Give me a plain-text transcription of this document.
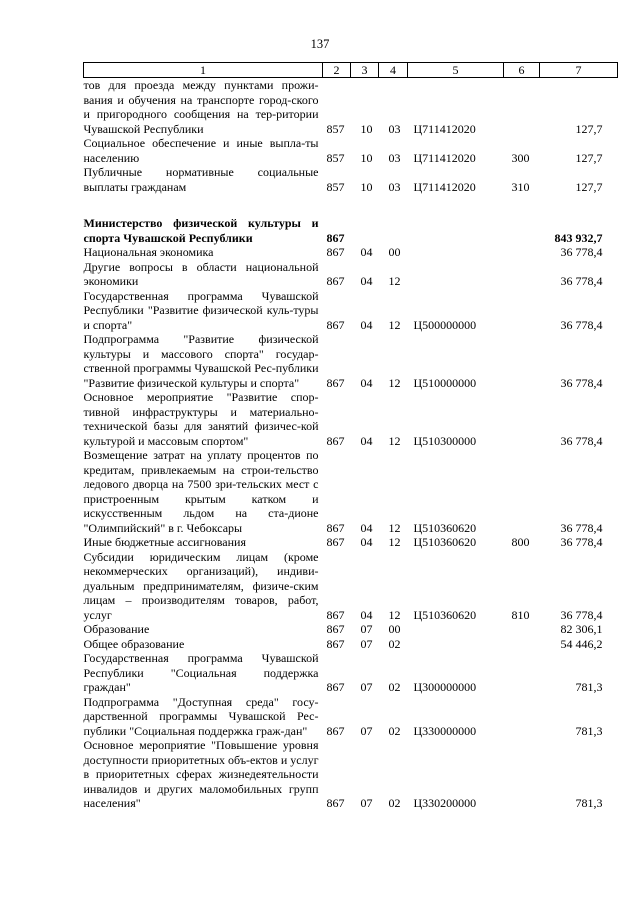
137
1	2	3	4	5	6	7
тов для проезда между пунктами прожи-вания и обучения на транспорте город-ского и пригородного сообщения на тер-ритории Чувашской Республики	857	10	03	Ц711412020		127,7
Социальное обеспечение и иные выпла-ты населению	857	10	03	Ц711412020	300	127,7
Публичные нормативные социальные выплаты гражданам	857	10	03	Ц711412020	310	127,7

Министерство физической культуры и спорта Чувашской Республики	867					843 932,7
Национальная экономика	867	04	00			36 778,4
Другие вопросы в области национальной экономики	867	04	12			36 778,4
Государственная программа Чувашской Республики "Развитие физической куль-туры и спорта"	867	04	12	Ц500000000		36 778,4
Подпрограмма "Развитие физической культуры и массового спорта" государ-ственной программы Чувашской Рес-публики "Развитие физической культуры и спорта"	867	04	12	Ц510000000		36 778,4
Основное мероприятие "Развитие спор-тивной инфраструктуры и материально-технической базы для занятий физичес-кой культурой и массовым спортом"	867	04	12	Ц510300000		36 778,4
Возмещение затрат на уплату процентов по кредитам, привлекаемым на строи-тельство ледового дворца на 7500 зри-тельских мест с пристроенным крытым катком и искусственным льдом на ста-дионе "Олимпийский" в г. Чебоксары	867	04	12	Ц510360620		36 778,4
Иные бюджетные ассигнования	867	04	12	Ц510360620	800	36 778,4
Субсидии юридическим лицам (кроме некоммерческих организаций), индиви-дуальным предпринимателям, физиче-ским лицам – производителям товаров, работ, услуг	867	04	12	Ц510360620	810	36 778,4
Образование	867	07	00			82 306,1
Общее образование	867	07	02			54 446,2
Государственная программа Чувашской Республики "Социальная поддержка граждан"	867	07	02	Ц300000000		781,3
Подпрограмма "Доступная среда" госу-дарственной программы Чувашской Рес-публики "Социальная поддержка граж-дан"	867	07	02	Ц330000000		781,3
Основное мероприятие "Повышение уровня доступности приоритетных объ-ектов и услуг в приоритетных сферах жизнедеятельности инвалидов и других маломобильных групп населения"	867	07	02	Ц330200000		781,3
